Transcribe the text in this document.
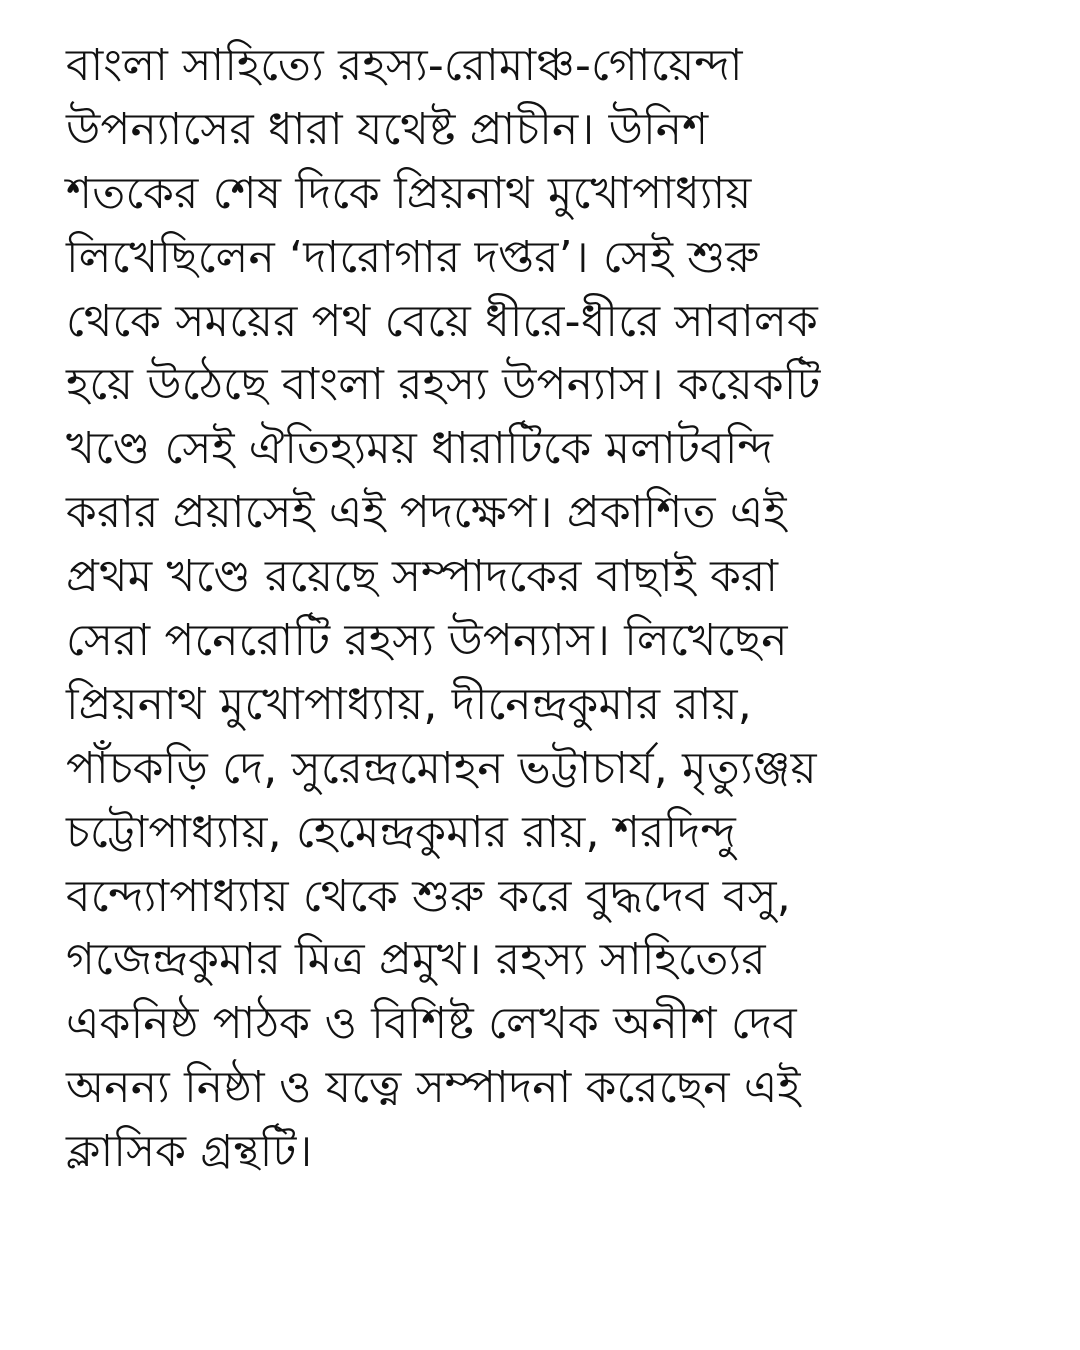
বাংলা সাহিত্যে রহস্য-রোমাঞ্চ-গোয়েন্দা
উপন্যাসের ধারা যথেষ্ট প্রাচীন। উনিশ
শতকের শেষ দিকে প্রিয়নাথ মুখোপাধ্যায়
লিখেছিলেন ‘দারোগার দপ্তর’। সেই শুরু
থেকে সময়ের পথ বেয়ে ধীরে-ধীরে সাবালক
হয়ে উঠেছে বাংলা রহস্য উপন্যাস। কয়েকটি
খণ্ডে সেই ঐতিহ্যময় ধারাটিকে মলাটবন্দি
করার প্রয়াসেই এই পদক্ষেপ। প্রকাশিত এই
প্রথম খণ্ডে রয়েছে সম্পাদকের বাছাই করা
সেরা পনেরোটি রহস্য উপন্যাস। লিখেছেন
প্রিয়নাথ মুখোপাধ্যায়, দীনেন্দ্রকুমার রায়,
পাঁচকড়ি দে, সুরেন্দ্রমোহন ভট্টাচার্য, মৃত্যুঞ্জয়
চট্টোপাধ্যায়, হেমেন্দ্রকুমার রায়, শরদিন্দু
বন্দ্যোপাধ্যায় থেকে শুরু করে বুদ্ধদেব বসু,
গজেন্দ্রকুমার মিত্র প্রমুখ। রহস্য সাহিত্যের
একনিষ্ঠ পাঠক ও বিশিষ্ট লেখক অনীশ দেব
অনন্য নিষ্ঠা ও যত্নে সম্পাদনা করেছেন এই
ক্লাসিক গ্রন্থটি।
